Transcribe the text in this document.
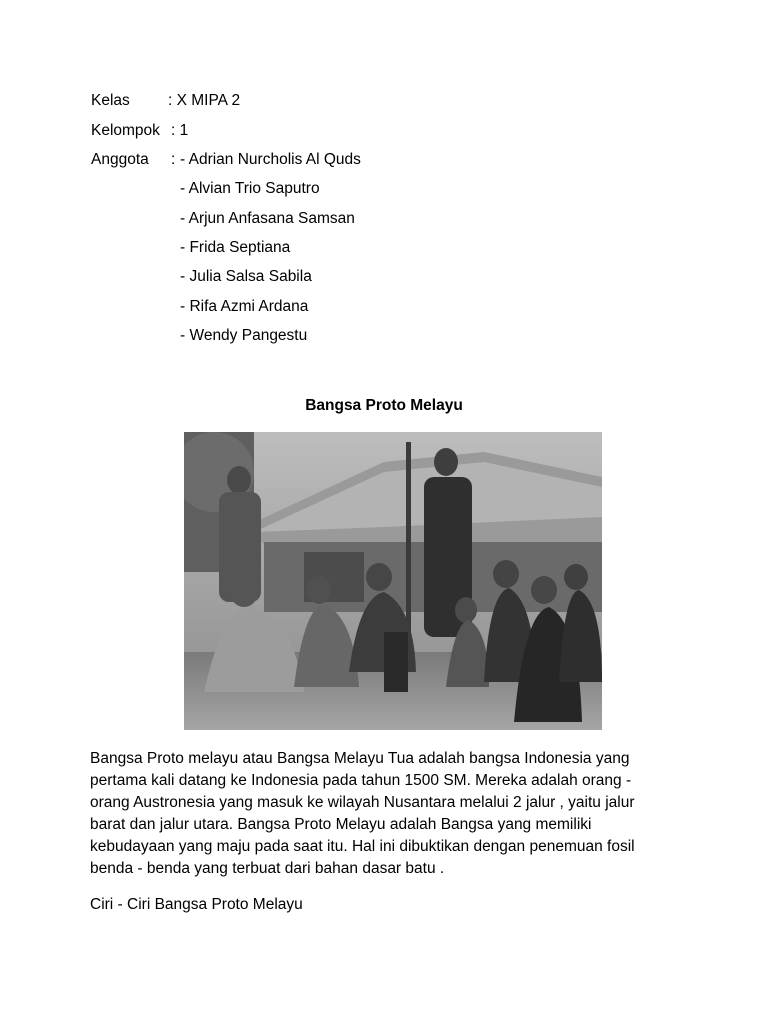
Kelas : X MIPA 2
Kelompok : 1
Anggota : - Adrian Nurcholis Al Quds
- Alvian Trio Saputro
- Arjun Anfasana Samsan
- Frida Septiana
- Julia Salsa Sabila
- Rifa Azmi Ardana
- Wendy Pangestu
Bangsa Proto Melayu
Bangsa Proto melayu atau Bangsa Melayu Tua adalah bangsa Indonesia yang
pertama kali datang ke Indonesia pada tahun 1500 SM. Mereka adalah orang -
orang Austronesia yang masuk ke wilayah Nusantara melalui 2 jalur , yaitu jalur
barat dan jalur utara. Bangsa Proto Melayu adalah Bangsa yang memiliki
kebudayaan yang maju pada saat itu. Hal ini dibuktikan dengan penemuan fosil
benda - benda yang terbuat dari bahan dasar batu .
Ciri - Ciri Bangsa Proto Melayu
